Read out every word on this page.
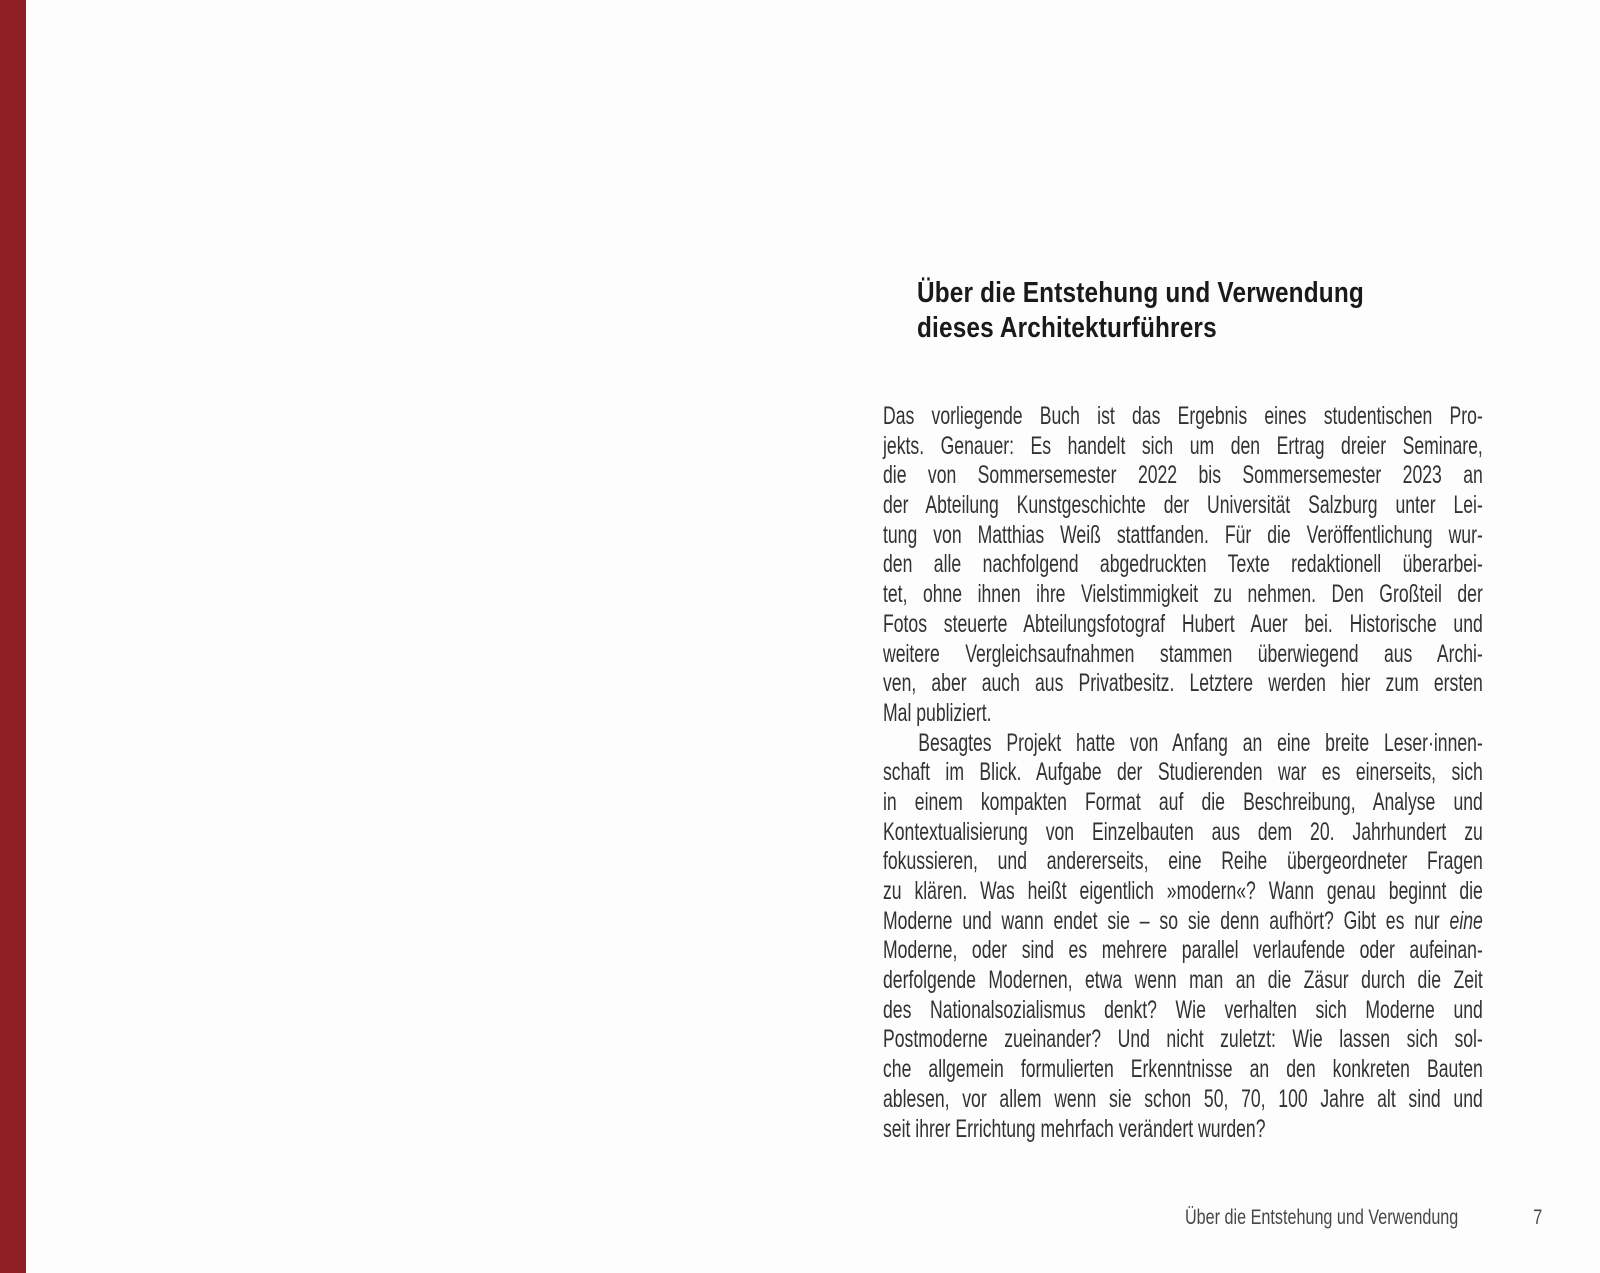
Über die Entstehung und Verwendung
dieses Architekturführers
Das vorliegende Buch ist das Ergebnis eines studentischen Pro-
jekts. Genauer: Es handelt sich um den Ertrag dreier Seminare,
die von Sommersemester 2022 bis Sommersemester 2023 an
der Abteilung Kunstgeschichte der Universität Salzburg unter Lei-
tung von Matthias Weiß stattfanden. Für die Veröffentlichung wur-
den alle nachfolgend abgedruckten Texte redaktionell überarbei-
tet, ohne ihnen ihre Vielstimmigkeit zu nehmen. Den Großteil der
Fotos steuerte Abteilungsfotograf Hubert Auer bei. Historische und
weitere Vergleichsaufnahmen stammen überwiegend aus Archi-
ven, aber auch aus Privatbesitz. Letztere werden hier zum ersten
Mal publiziert.
Besagtes Projekt hatte von Anfang an eine breite Leser·innen-
schaft im Blick. Aufgabe der Studierenden war es einerseits, sich
in einem kompakten Format auf die Beschreibung, Analyse und
Kontextualisierung von Einzelbauten aus dem 20. Jahrhundert zu
fokussieren, und andererseits, eine Reihe übergeordneter Fragen
zu klären. Was heißt eigentlich »modern«? Wann genau beginnt die
Moderne und wann endet sie – so sie denn aufhört? Gibt es nur eine
Moderne, oder sind es mehrere parallel verlaufende oder aufeinan-
derfolgende Modernen, etwa wenn man an die Zäsur durch die Zeit
des Nationalsozialismus denkt? Wie verhalten sich Moderne und
Postmoderne zueinander? Und nicht zuletzt: Wie lassen sich sol-
che allgemein formulierten Erkenntnisse an den konkreten Bauten
ablesen, vor allem wenn sie schon 50, 70, 100 Jahre alt sind und
seit ihrer Errichtung mehrfach verändert wurden?
Über die Entstehung und Verwendung	7
